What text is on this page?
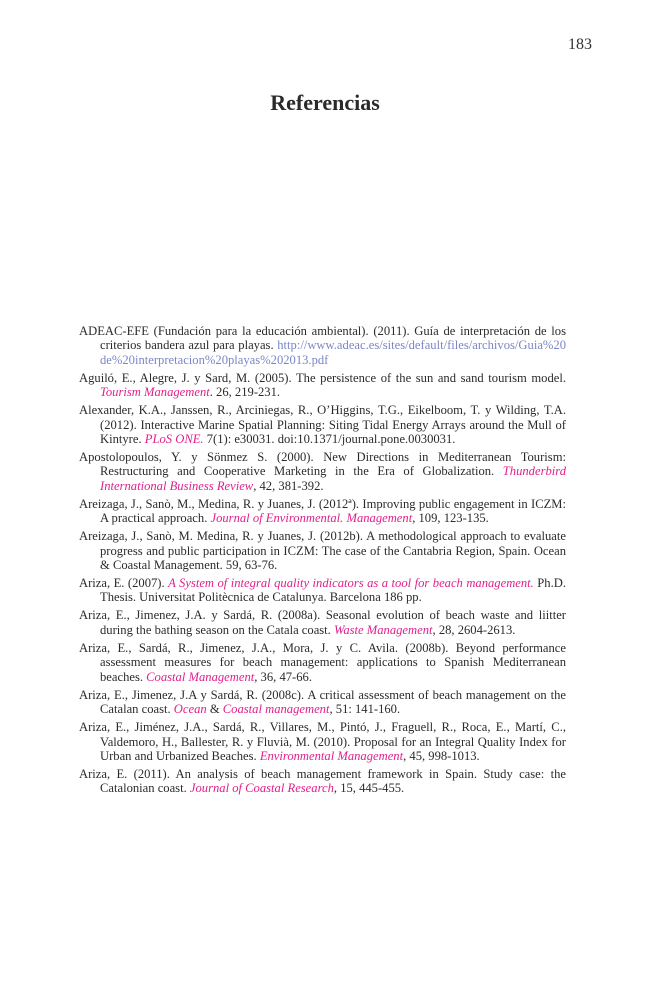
183
Referencias

ADEAC-EFE (Fundación para la educación ambiental). (2011). Guía de interpretación de los criterios bandera azul para playas. http://www.adeac.es/sites/default/files/archivos/Guia%20de%20interpretacion%20playas%202013.pdf

Aguiló, E., Alegre, J. y Sard, M. (2005). The persistence of the sun and sand tourism model. Tourism Management. 26, 219-231.

Alexander, K.A., Janssen, R., Arciniegas, R., O’Higgins, T.G., Eikelboom, T. y Wilding, T.A. (2012). Interactive Marine Spatial Planning: Siting Tidal Energy Arrays around the Mull of Kintyre. PLoS ONE. 7(1): e30031. doi:10.1371/journal.pone.0030031.

Apostolopoulos, Y. y Sönmez S. (2000). New Directions in Mediterranean Tourism: Restructuring and Cooperative Marketing in the Era of Globalization. Thunderbird International Business Review, 42, 381-392.

Areizaga, J., Sanò, M., Medina, R. y Juanes, J. (2012ª). Improving public engagement in ICZM: A practical approach. Journal of Environmental. Management, 109, 123-135.

Areizaga, J., Sanò, M. Medina, R. y Juanes, J. (2012b). A methodological approach to evaluate progress and public participation in ICZM: The case of the Cantabria Region, Spain. Ocean & Coastal Management. 59, 63-76.

Ariza, E. (2007). A System of integral quality indicators as a tool for beach management. Ph.D. Thesis. Universitat Politècnica de Catalunya. Barcelona 186 pp.

Ariza, E., Jimenez, J.A. y Sardá, R. (2008a). Seasonal evolution of beach waste and liitter during the bathing season on the Catala coast. Waste Management, 28, 2604-2613.

Ariza, E., Sardá, R., Jimenez, J.A., Mora, J. y C. Avila. (2008b). Beyond performance assessment measures for beach management: applications to Spanish Mediterranean beaches. Coastal Management, 36, 47-66.

Ariza, E., Jimenez, J.A y Sardá, R. (2008c). A critical assessment of beach management on the Catalan coast. Ocean & Coastal management, 51: 141-160.

Ariza, E., Jiménez, J.A., Sardá, R., Villares, M., Pintó, J., Fraguell, R., Roca, E., Martí, C., Valdemoro, H., Ballester, R. y Fluvià, M. (2010). Proposal for an Integral Quality Index for Urban and Urbanized Beaches. Environmental Management, 45, 998-1013.

Ariza, E. (2011). An analysis of beach management framework in Spain. Study case: the Catalonian coast. Journal of Coastal Research, 15, 445-455.
